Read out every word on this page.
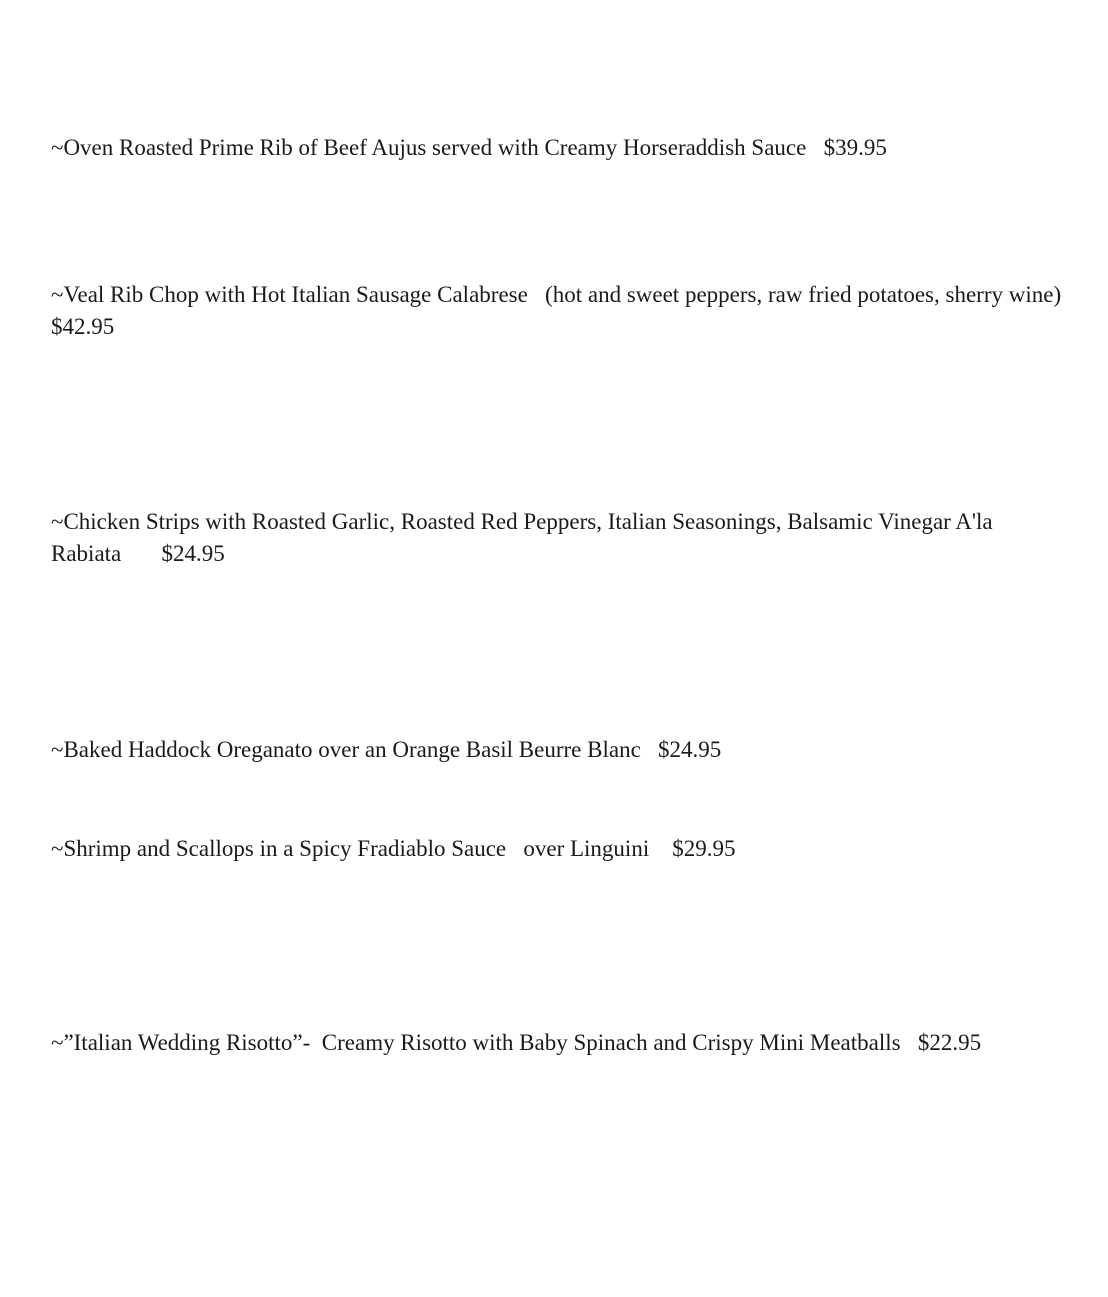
~Oven Roasted Prime Rib of Beef Aujus served with Creamy Horseraddish Sauce   $39.95

~Veal Rib Chop with Hot Italian Sausage Calabrese   (hot and sweet peppers, raw fried potatoes, sherry wine)  $42.95

~Chicken Strips with Roasted Garlic, Roasted Red Peppers, Italian Seasonings, Balsamic Vinegar A'la Rabiata       $24.95

~Baked Haddock Oreganato over an Orange Basil Beurre Blanc   $24.95

~Shrimp and Scallops in a Spicy Fradiablo Sauce   over Linguini    $29.95

~”Italian Wedding Risotto”-  Creamy Risotto with Baby Spinach and Crispy Mini Meatballs   $22.95
